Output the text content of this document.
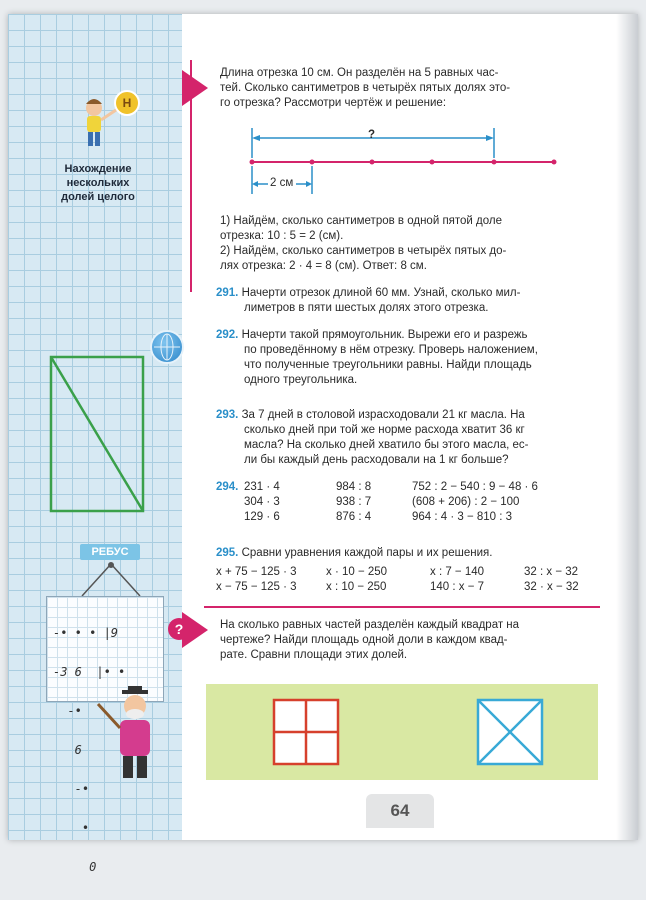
Н
Нахождение
нескольких
долей целого
РЕБУС

-• • • |9

-3 6  |• •

-•

6

-•

•

0

Длина отрезка 10 см. Он разделён на 5 равных час-
тей. Сколько сантиметров в четырёх пятых долях это-
го отрезка? Рассмотри чертёж и решение:
?
2 см
1) Найдём, сколько сантиметров в одной пятой доле
отрезка: 10 : 5 = 2 (см).
2) Найдём, сколько сантиметров в четырёх пятых до-
лях отрезка: 2 · 4 = 8 (см). Ответ: 8 см.
291. Начерти отрезок длиной 60 мм. Узнай, сколько мил-
лиметров в пяти шестых долях этого отрезка.
292. Начерти такой прямоугольник. Вырежи его и разрежь
по проведённому в нём отрезку. Проверь наложением,
что полученные треугольники равны. Найди площадь
одного треугольника.
293. За 7 дней в столовой израсходовали 21 кг масла. На
сколько дней при той же норме расхода хватит 36 кг
масла? На сколько дней хватило бы этого масла, ес-
ли бы каждый день расходовали на 1 кг больше?
294. 231 · 4	984 : 8	752 : 2 − 540 : 9 − 48 · 6
304 · 3	938 : 7	(608 + 206) : 2 − 100
129 · 6	876 : 4	964 : 4 · 3 − 810 : 3
295. Сравни уравнения каждой пары и их решения.
x + 75 − 125 · 3	x · 10 − 250	x : 7 − 140	32 : x − 32
x − 75 − 125 · 3	x : 10 − 250	140 : x − 7	32 · x − 32
?	На сколько равных частей разделён каждый квадрат на
чертеже? Найди площадь одной доли в каждом квад-
рате. Сравни площади этих долей.
64
